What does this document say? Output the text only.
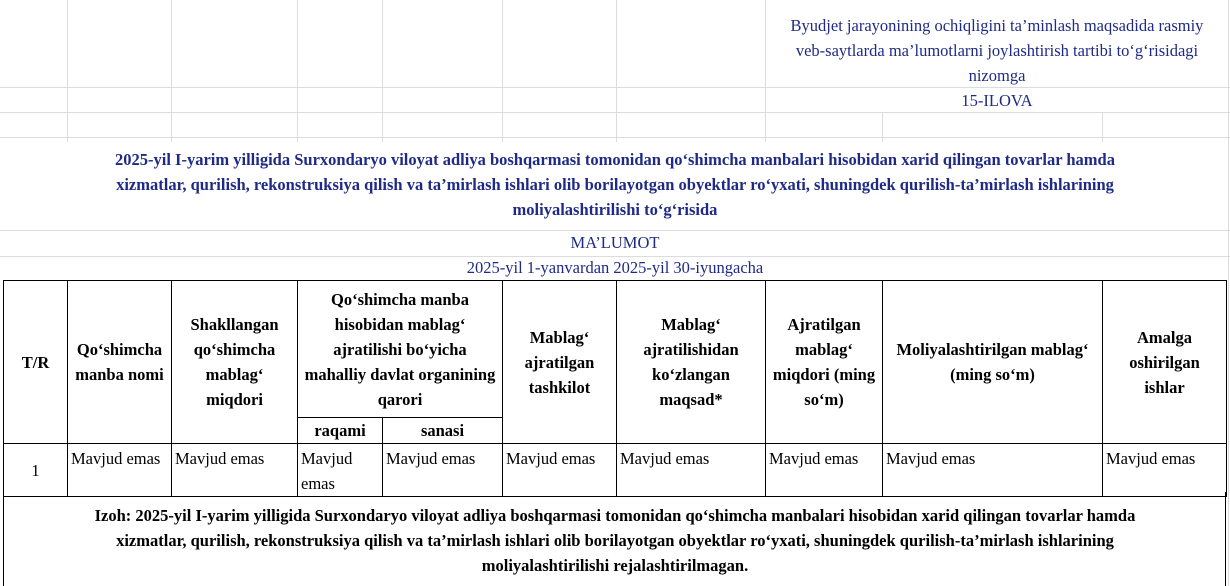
Byudjet jarayonining ochiqligini ta’minlash maqsadida rasmiy
veb-saytlarda ma’lumotlarni joylashtirish tartibi to‘g‘risidagi
nizomga
15-ILOVA
2025-yil I-yarim yilligida Surxondaryo viloyat adliya boshqarmasi tomonidan qo‘shimcha manbalari hisobidan xarid qilingan tovarlar hamda
xizmatlar, qurilish, rekonstruksiya qilish va ta’mirlash ishlari olib borilayotgan obyektlar ro‘yxati, shuningdek qurilish-ta’mirlash ishlarining
moliyalashtirilishi to‘g‘risida
MA’LUMOT
2025-yil 1-yanvardan 2025-yil 30-iyungacha
T/R	Qo‘shimcha manba nomi	Shakllangan qo‘shimcha mablag‘ miqdori	Qo‘shimcha manba hisobidan mablag‘ ajratilishi bo‘yicha mahalliy davlat organining qarori		Mablag‘ ajratilgan tashkilot	Mablag‘ ajratilishidan ko‘zlangan maqsad*	Ajratilgan mablag‘ miqdori (ming so‘m)	Moliyalashtirilgan mablag‘ (ming so‘m)	Amalga oshirilgan ishlar
			raqami	sanasi					
1	Mavjud emas	Mavjud emas	Mavjud emas	Mavjud emas	Mavjud emas	Mavjud emas	Mavjud emas	Mavjud emas	Mavjud emas
Izoh: 2025-yil I-yarim yilligida Surxondaryo viloyat adliya boshqarmasi tomonidan qo‘shimcha manbalari hisobidan xarid qilingan tovarlar hamda
xizmatlar, qurilish, rekonstruksiya qilish va ta’mirlash ishlari olib borilayotgan obyektlar ro‘yxati, shuningdek qurilish-ta’mirlash ishlarining
moliyalashtirilishi rejalashtirilmagan.
